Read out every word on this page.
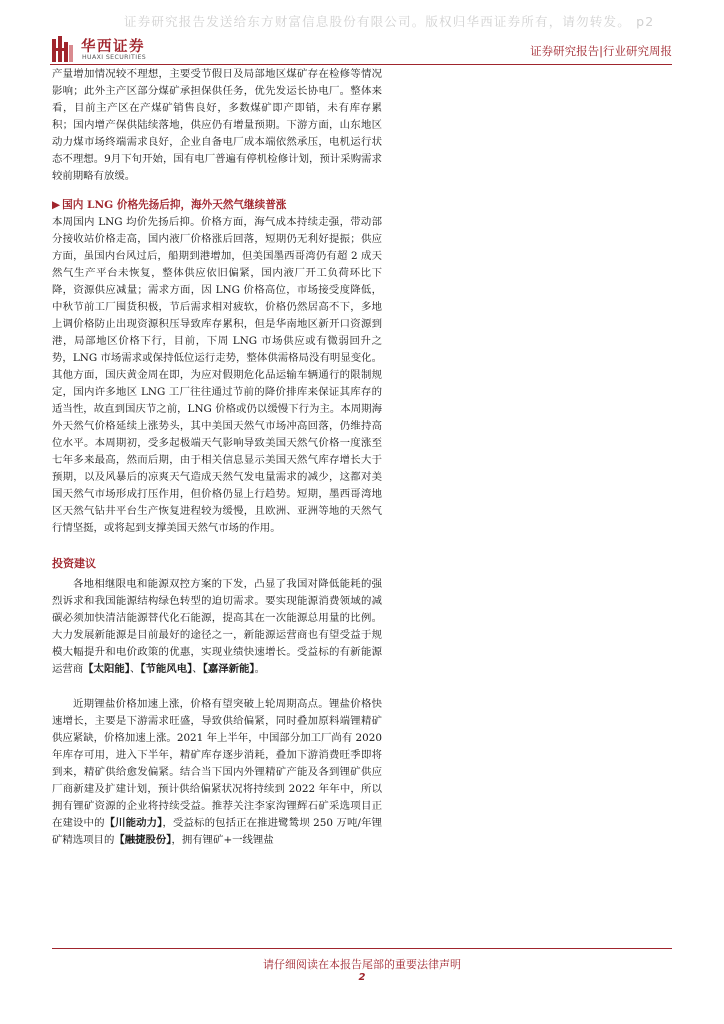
证券研究报告发送给东方财富信息股份有限公司。版权归华西证券所有，请勿转发。 p2
华西证券
HUAXI SECURITIES	证券研究报告|行业研究周报

产量增加情况较不理想，主要受节假日及局部地区煤矿存在检修等情况影响；此外主产区部分煤矿承担保供任务，优先发运长协电厂。整体来看，目前主产区在产煤矿销售良好，多数煤矿即产即销，未有库存累积；国内增产保供陆续落地，供应仍有增量预期。下游方面，山东地区动力煤市场终端需求良好，企业自备电厂成本端依然承压，电机运行状态不理想。9月下旬开始，国有电厂普遍有停机检修计划，预计采购需求较前期略有放缓。

▶ 国内 LNG 价格先扬后抑，海外天然气继续普涨

本周国内 LNG 均价先扬后抑。价格方面，海气成本持续走强，带动部分接收站价格走高，国内液厂价格涨后回落，短期仍无利好提振；供应方面，虽国内台风过后，船期到港增加，但美国墨西哥湾仍有超 2 成天然气生产平台未恢复，整体供应依旧偏紧，国内液厂开工负荷环比下降，资源供应减量；需求方面，因 LNG 价格高位，市场接受度降低，中秋节前工厂囤货积极，节后需求相对疲软，价格仍然居高不下，多地上调价格防止出现资源积压导致库存累积，但是华南地区新开口资源到港，局部地区价格下行，目前，下周 LNG 市场供应或有微弱回升之势，LNG 市场需求或保持低位运行走势，整体供需格局没有明显变化。其他方面，国庆黄金周在即，为应对假期危化品运输车辆通行的限制规定，国内许多地区 LNG 工厂往往通过节前的降价排库来保证其库存的适当性，故直到国庆节之前，LNG 价格或仍以缓慢下行为主。本周期海外天然气价格延续上涨势头，其中美国天然气市场冲高回落，仍维持高位水平。本周期初，受多起极端天气影响导致美国天然气价格一度涨至七年多来最高，然而后期，由于相关信息显示美国天然气库存增长大于预期，以及风暴后的凉爽天气造成天然气发电量需求的减少，这都对美国天然气市场形成打压作用，但价格仍显上行趋势。短期，墨西哥湾地区天然气钻井平台生产恢复进程较为缓慢，且欧洲、亚洲等地的天然气行情坚挺，或将起到支撑美国天然气市场的作用。

投资建议

各地相继限电和能源双控方案的下发，凸显了我国对降低能耗的强烈诉求和我国能源结构绿色转型的迫切需求。要实现能源消费领域的减碳必须加快清洁能源替代化石能源，提高其在一次能源总用量的比例。大力发展新能源是目前最好的途径之一，新能源运营商也有望受益于规模大幅提升和电价政策的优惠，实现业绩快速增长。受益标的有新能源运营商【太阳能】、【节能风电】、【嘉泽新能】。

近期锂盐价格加速上涨，价格有望突破上轮周期高点。锂盐价格快速增长，主要是下游需求旺盛，导致供给偏紧，同时叠加原料端锂精矿供应紧缺，价格加速上涨。2021 年上半年，中国部分加工厂尚有 2020 年库存可用，进入下半年，精矿库存逐步消耗，叠加下游消费旺季即将到来，精矿供给愈发偏紧。结合当下国内外锂精矿产能及各到锂矿供应厂商新建及扩建计划，预计供给偏紧状况将持续到 2022 年年中，所以拥有锂矿资源的企业将持续受益。推荐关注李家沟锂辉石矿采选项目正在建设中的【川能动力】，受益标的包括正在推进鹭鸶坝 250 万吨/年锂矿精选项目的【融捷股份】，拥有锂矿+一线锂盐

请仔细阅读在本报告尾部的重要法律声明
2
